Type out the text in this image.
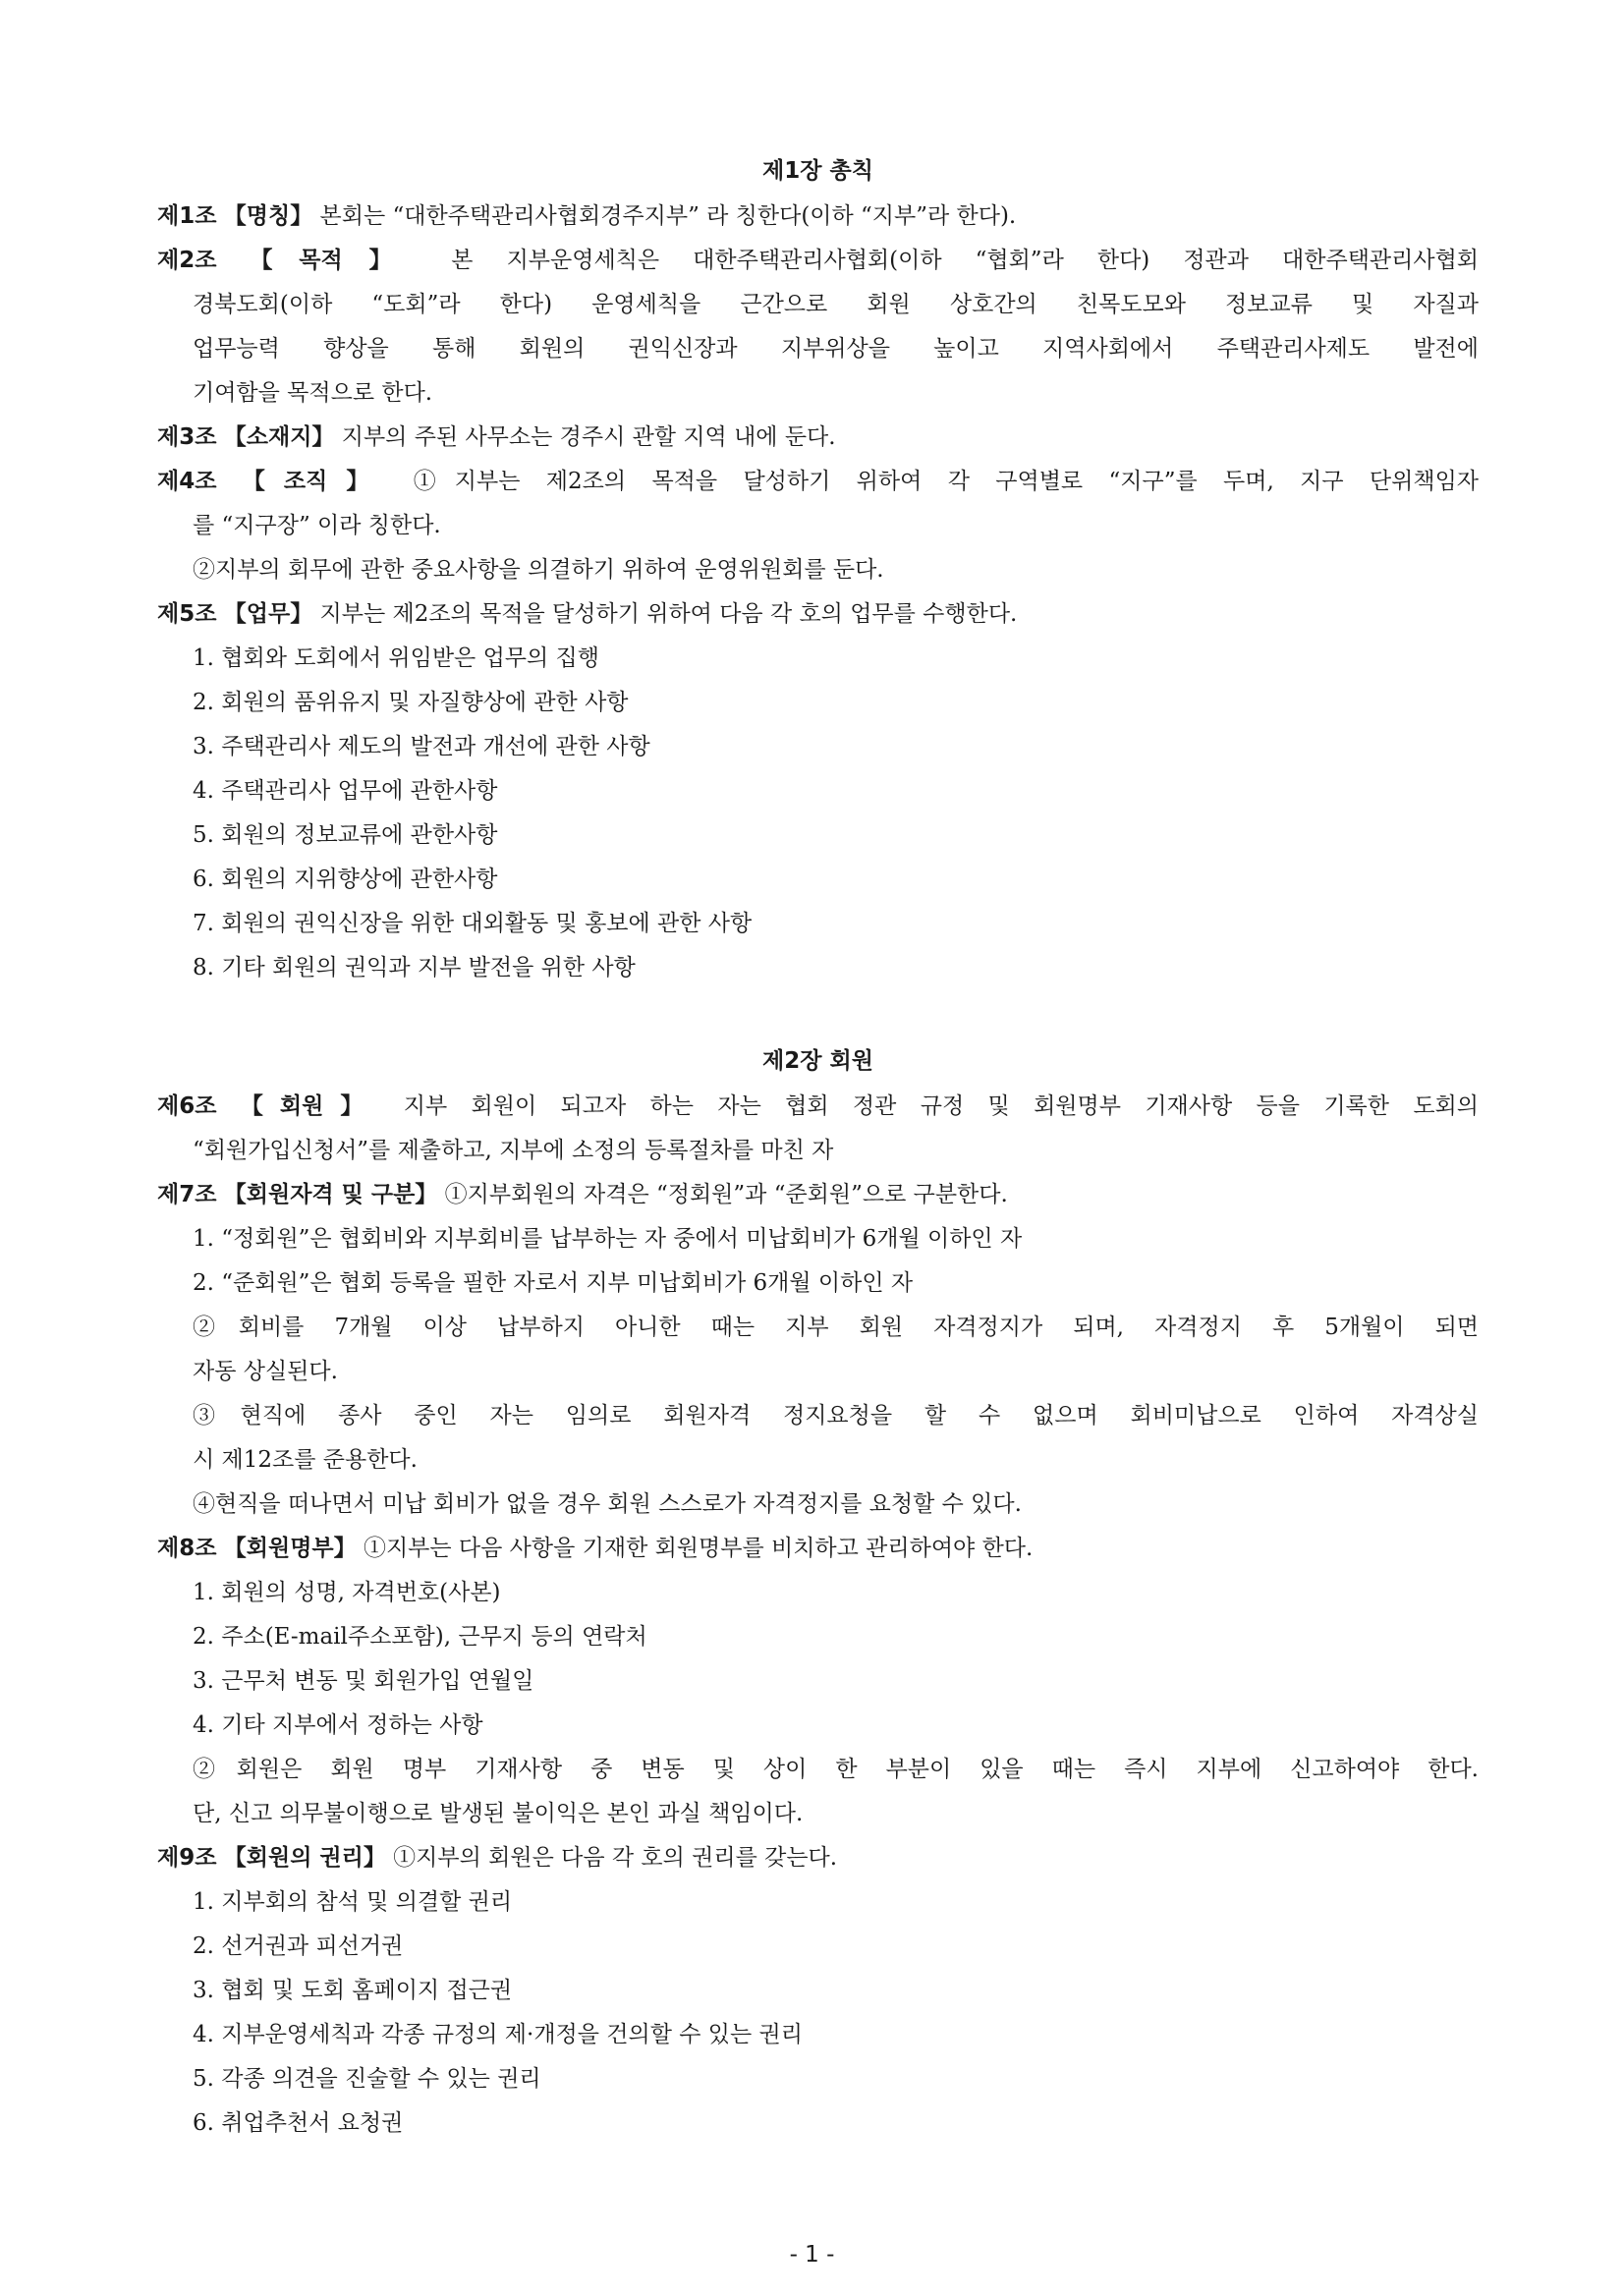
제1장 총칙
제1조 【명칭】 본회는 “대한주택관리사협회경주지부” 라 칭한다(이하 “지부”라 한다).
제2조 【목적】 본 지부운영세칙은 대한주택관리사협회(이하 “협회”라 한다) 정관과 대한주택관리사협회
경북도회(이하 “도회”라 한다) 운영세칙을 근간으로 회원 상호간의 친목도모와 정보교류 및 자질과
업무능력 향상을 통해 회원의 권익신장과 지부위상을 높이고 지역사회에서 주택관리사제도 발전에
기여함을 목적으로 한다.
제3조 【소재지】 지부의 주된 사무소는 경주시 관할 지역 내에 둔다.
제4조 【조직】 ①지부는 제2조의 목적을 달성하기 위하여 각 구역별로 “지구”를 두며, 지구 단위책임자
를 “지구장” 이라 칭한다.
②지부의 회무에 관한 중요사항을 의결하기 위하여 운영위원회를 둔다.
제5조 【업무】 지부는 제2조의 목적을 달성하기 위하여 다음 각 호의 업무를 수행한다.
1. 협회와 도회에서 위임받은 업무의 집행
2. 회원의 품위유지 및 자질향상에 관한 사항
3. 주택관리사 제도의 발전과 개선에 관한 사항
4. 주택관리사 업무에 관한사항
5. 회원의 정보교류에 관한사항
6. 회원의 지위향상에 관한사항
7. 회원의 권익신장을 위한 대외활동 및 홍보에 관한 사항
8. 기타 회원의 권익과 지부 발전을 위한 사항
제2장 회원
제6조 【회원】 지부 회원이 되고자 하는 자는 협회 정관 규정 및 회원명부 기재사항 등을 기록한 도회의
“회원가입신청서”를 제출하고, 지부에 소정의 등록절차를 마친 자
제7조 【회원자격 및 구분】 ①지부회원의 자격은 “정회원”과 “준회원”으로 구분한다.
1. “정회원”은 협회비와 지부회비를 납부하는 자 중에서 미납회비가 6개월 이하인 자
2. “준회원”은 협회 등록을 필한 자로서 지부 미납회비가 6개월 이하인 자
②회비를 7개월 이상 납부하지 아니한 때는 지부 회원 자격정지가 되며, 자격정지 후 5개월이 되면
자동 상실된다.
③현직에 종사 중인 자는 임의로 회원자격 정지요청을 할 수 없으며 회비미납으로 인하여 자격상실
시 제12조를 준용한다.
④현직을 떠나면서 미납 회비가 없을 경우 회원 스스로가 자격정지를 요청할 수 있다.
제8조 【회원명부】 ①지부는 다음 사항을 기재한 회원명부를 비치하고 관리하여야 한다.
1. 회원의 성명, 자격번호(사본)
2. 주소(E-mail주소포함), 근무지 등의 연락처
3. 근무처 변동 및 회원가입 연월일
4. 기타 지부에서 정하는 사항
②회원은 회원 명부 기재사항 중 변동 및 상이 한 부분이 있을 때는 즉시 지부에 신고하여야 한다.
단, 신고 의무불이행으로 발생된 불이익은 본인 과실 책임이다.
제9조 【회원의 권리】 ①지부의 회원은 다음 각 호의 권리를 갖는다.
1. 지부회의 참석 및 의결할 권리
2. 선거권과 피선거권
3. 협회 및 도회 홈페이지 접근권
4. 지부운영세칙과 각종 규정의 제·개정을 건의할 수 있는 권리
5. 각종 의견을 진술할 수 있는 권리
6. 취업추천서 요청권
- 1 -
